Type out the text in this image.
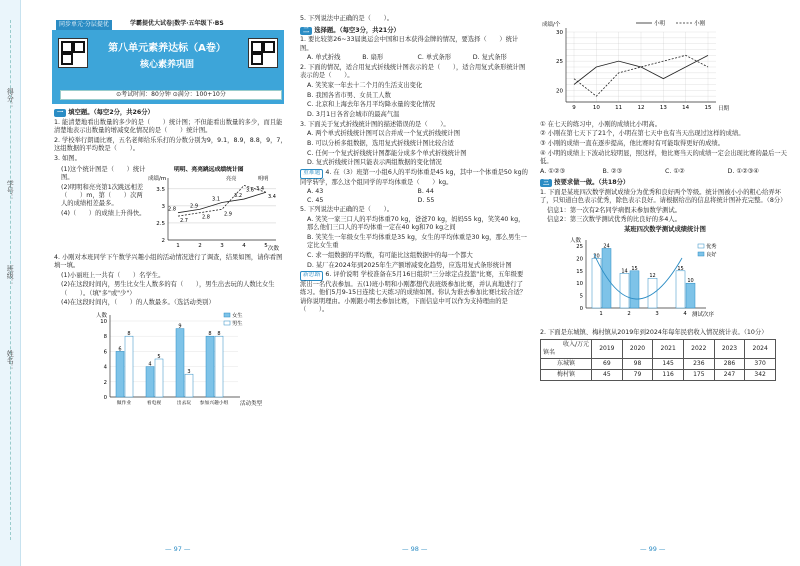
得分：
学号：
班级：
姓名：
同步单元·分层提优	学霸提优大试卷|数学·五年级下·BS
第八单元素养达标（A卷）
核心素养巩固
⊙考试时间：80分钟 ⊙满分：100+10分
一 填空题。（每空2分，共26分）
1. 能清楚地看出数量的多少的是（　　）统计图；不但能看出数量的多少，而且能清楚地表示出数量的增减变化情况的是（　　）统计图。
2. 学校举行朗诵比赛，五名老师给乐乐打的分数分别为9，9.1，8.9，8.8，9，7，这组数据的平均数是（　　）。
3. 如图。
(1)这个统计图是（　　）统计图。
(2)明明和亮亮第1次跳远相差（　　）m，第（　　）次两人的成绩相差最多。
(4)（　　）的成绩上升得快。
明明、亮亮跳远成绩统计图
成绩/m
次数
3.5
3
2.5
2
1	2	3	4	5
2.8
2.9
3.1
3.2
3.4
2.7
2.8
2.9
3.6
3.4
亮亮	明明
4. 小刚对本班同学下午数学兴趣小组的活动情况进行了调查，结果如图，请你看图填一填。
(1)小丽班上一共有（　　）名学生。
(2)在这段时间内，男生比女生人数多的有（　　），男生出去玩的人数比女生（　　）。（填"多"或"少"）
(4)在这段时间内，（　　）的人数最多。（选活动类别）
人数
活动类型
0
2
4
6
8
10
6
8
做作业
4
5
看电视
9
3
出去玩
8 8
参加兴趣小组
女生
男生
— 97 —
5. 下列说法中正确的是（　　）。
二 选择题。（每空3分，共21分）
1. 要比较第26~33届奥运会中国和日本获得金牌的情况，要选择（　　）统计图。
A. 单式折线	B. 扇形	C. 单式条形	D. 复式条形
2. 下面的情况，适合用复式折线统计图表示的是（　　），适合用复式条形统计图表示的是（　　）。
A. 笑笑家一年去十二个月的生活支出变化
B. 我国各省市男、女员工人数
C. 北京和上海去年各月平均降水量的变化情况
D. 3月1日各省会城市的最高气温
3. 下面关于复式折线统计图的描述错误的是（　　）。
A. 两个单式折线统计图可以合并成一个复式折线统计图
B. 可以分析多组数据，选用复式折线统计图比较合适
C. 任何一个复式折线统计图都能分成多个单式折线统计图
D. 复式折线统计图只能表示两组数据的变化情况
重难题 4. 在（3）班第一小组6人的平均体重是45 kg，其中一个体重是50 kg的同学转学，那么这个组同学的平均体重是（　　）kg。
A. 43	B. 44
C. 45	D. 55
5. 下列说法中正确的是（　　）。
A. 笑笑一家三口人的平均体重70 kg，爸爸70 kg，妈妈55 kg，笑笑40 kg，那么他们三口人的平均体重一定在40 kg和70 kg之间
B. 笑笑生一年级女生平均体重是35 kg，女生的平均体重是30 kg，那么男生一定比女生重
C. 求一组数据的平均数，有可能比这组数据中的每一个都大
D. 某厂在2024年到2025年生产额增减变化趋势，应选用复式条形统计图
新思路 6. 评价说明 学校准备在5月16日组织"三分球定点投篮"比赛，五年级要派出一名代表参加。五(1)班小明和小刚都想代表班级参加比赛，并认真地进行了练习。他们5月9-15日连续七天练习的成绩如图。你认为谁去参加比赛比较合适？请你说明理由。小刚跟小明去参加比赛，下面信息中可以作为支持理由的是（　　）。
— 98 —
成绩/个
日期
30
25
20
9	10	11	12	13	14	15
小明	小刚
① 在七天的练习中，小刚的成绩比小明高。
② 小刚在第七天下了21个，小明在第七天中也有当天出现过这样的成绩。
③ 小刚的成绩一直在逐步提高，他比赛时有可能取得更好的成绩。
④ 小明的成绩上下波动比较明显，照这样，他比赛当天的成绩一定会出现比赛的最后一天低。
A. ①②③	B. ②③	C. ①②	D. ①②③④
三 按要求做一做。（共18分）
1. 下面是某班四次数学测试成绩分为优秀和良好两个等级。统计图被小小的粗心给弄坏了，只知道白色表示优秀，除色表示良好。请根据给出的信息将统计图补充完整。（8分）
信息1：第一次有2名同学病假未参加数学测试。
信息2：第三次数学测试优秀的比良好的多4人。
某班四次数学测试成绩统计图
人数
测试次序
25
20
15
10
5
0
20
24
1
14 15
2
12
3
15
10
4
优秀
良好
2. 下面是东城镇、梅村镇从2019年到2024年每年民宿收入情况统计表。（10分）
收入/万元
镇名	2019	2020	2021	2022	2023	2024
东城镇	69	98	145	236	286	370
梅村镇	45	79	116	175	247	342
— 99 —
